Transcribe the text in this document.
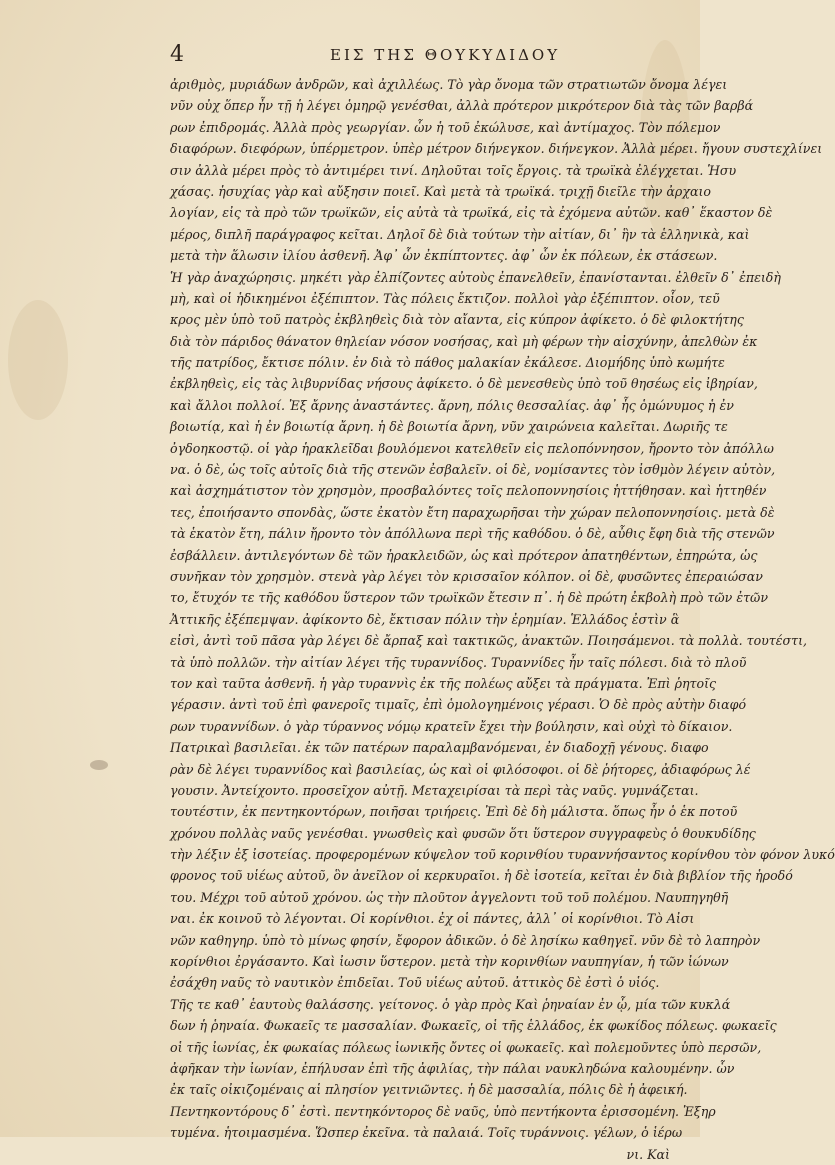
4	ΕΙΣ ΤΗΣ ΘΟΥΚΥΔΙΔΟΥ
ἀριθμὸς, μυριάδων ἀνδρῶν, καὶ ἀχιλλέως. Τὸ γὰρ ὄνομα τῶν στρατιωτῶν ὄνομα λέγει
νῦν οὐχ ὅπερ ἦν τῇ ἡ λέγει ὁμηρῷ γενέσθαι, ἀλλὰ πρότερον μικρότερον διὰ τὰς τῶν βαρβά
ρων ἐπιδρομάς. Ἀλλὰ πρὸς γεωργίαν. ὧν ἡ τοῦ ἐκώλυσε, καὶ ἀντίμαχος. Τὸν πόλεμον
διαφόρων. διεφόρων, ὑπέρμετρον. ὑπὲρ μέτρον διήνεγκον. διήνεγκον. Ἀλλὰ μέρει. ἤγουν συστεχλίνει
σιν ἀλλὰ μέρει πρὸς τὸ ἀντιμέρει τινί. Δηλοῦται τοῖς ἔργοις. τὰ τρωϊκὰ ἐλέγχεται. Ἡσυ
χάσας. ἡσυχίας γὰρ καὶ αὔξησιν ποιεῖ. Καὶ μετὰ τὰ τρωϊκά. τριχῇ διεῖλε τὴν ἀρχαιο
λογίαν, εἰς τὰ πρὸ τῶν τρωϊκῶν, εἰς αὐτὰ τὰ τρωϊκά, εἰς τὰ ἐχόμενα αὐτῶν. καθ᾽ ἕκαστον δὲ
μέρος, διπλῆ παράγραφος κεῖται. Δηλοῖ δὲ διὰ τούτων τὴν αἰτίαν, δι᾽ ἣν τὰ ἑλληνικὰ, καὶ
μετὰ τὴν ἅλωσιν ἰλίου ἀσθενῆ. Ἀφ᾽ ὧν ἐκπίπτοντες. ἀφ᾽ ὧν ἐκ πόλεων, ἐκ στάσεων.
Ἡ γὰρ ἀναχώρησις. μηκέτι γὰρ ἐλπίζοντες αὐτοὺς ἐπανελθεῖν, ἐπανίστανται. ἐλθεῖν δ᾽ ἐπειδὴ
μὴ, καὶ οἱ ἡδικημένοι ἐξέπιπτον. Τὰς πόλεις ἔκτιζον. πολλοὶ γὰρ ἐξέπιπτον. οἷον, τεῦ
κρος μὲν ὑπὸ τοῦ πατρὸς ἐκβληθεὶς διὰ τὸν αἴαντα, εἰς κύπρον ἀφίκετο. ὁ δὲ φιλοκτήτης
διὰ τὸν πάριδος θάνατον θηλείαν νόσον νοσήσας, καὶ μὴ φέρων τὴν αἰσχύνην, ἀπελθὼν ἐκ
τῆς πατρίδος, ἔκτισε πόλιν. ἐν διὰ τὸ πάθος μαλακίαν ἐκάλεσε. Διομήδης ὑπὸ κωμήτε
ἐκβληθεὶς, εἰς τὰς λιβυρνίδας νήσους ἀφίκετο. ὁ δὲ μενεσθεὺς ὑπὸ τοῦ θησέως εἰς ἰβηρίαν,
καὶ ἄλλοι πολλοί. Ἐξ ἄρνης ἀναστάντες. ἄρνη, πόλις θεσσαλίας. ἀφ᾽ ἧς ὁμώνυμος ἡ ἐν
βοιωτίᾳ, καὶ ἡ ἐν βοιωτίᾳ ἄρνη. ἡ δὲ βοιωτία ἄρνη, νῦν χαιρώνεια καλεῖται. Δωριῆς τε
ὀγδοηκοστῷ. οἱ γὰρ ἡρακλεῖδαι βουλόμενοι κατελθεῖν εἰς πελοπόννησον, ἤροντο τὸν ἀπόλλω
να. ὁ δὲ, ὡς τοῖς αὐτοῖς διὰ τῆς στενῶν ἐσβαλεῖν. οἱ δὲ, νομίσαντες τὸν ἰσθμὸν λέγειν αὐτὸν,
καὶ ἀσχημάτιστον τὸν χρησμὸν, προσβαλόντες τοῖς πελοποννησίοις ἡττήθησαν. καὶ ἡττηθέν
τες, ἐποιήσαντο σπονδὰς, ὥστε ἐκατὸν ἔτη παραχωρῆσαι τὴν χώραν πελοποννησίοις. μετὰ δὲ
τὰ ἑκατὸν ἔτη, πάλιν ἤροντο τὸν ἀπόλλωνα περὶ τῆς καθόδου. ὁ δὲ, αὖθις ἔφη διὰ τῆς στενῶν
ἐσβάλλειν. ἀντιλεγόντων δὲ τῶν ἡρακλειδῶν, ὡς καὶ πρότερον ἀπατηθέντων, ἐπηρώτα, ὡς
συνῆκαν τὸν χρησμὸν. στενὰ γὰρ λέγει τὸν κρισσαῖον κόλπον. οἱ δὲ, φυσῶντες ἐπεραιώσαν
το, ἔτυχόν τε τῆς καθόδου ὕστερον τῶν τρωϊκῶν ἔτεσιν π᾽. ἡ δὲ πρώτη ἐκβολὴ πρὸ τῶν ἐτῶν
Ἀττικῆς ἐξέπεμψαν. ἀφίκοντο δὲ, ἔκτισαν πόλιν τὴν ἐρημίαν. Ἑλλάδος ἐστὶν ἃ
εἰσὶ, ἀντὶ τοῦ πᾶσα γὰρ λέγει δὲ ἄρπαξ καὶ τακτικῶς, ἀνακτῶν. Ποιησάμενοι. τὰ πολλὰ. τουτέστι,
τὰ ὑπὸ πολλῶν. τὴν αἰτίαν λέγει τῆς τυραννίδος. Τυραννίδες ἦν ταῖς πόλεσι. διὰ τὸ πλοῦ
τον καὶ ταῦτα ἀσθενῆ. ἡ γὰρ τυραννὶς ἐκ τῆς πολέως αὔξει τὰ πράγματα. Ἐπὶ ῥητοῖς
γέρασιν. ἀντὶ τοῦ ἐπὶ φανεροῖς τιμαῖς, ἐπὶ ὁμολογημένοις γέρασι. Ὁ δὲ πρὸς αὐτὴν διαφό
ρων τυραννίδων. ὁ γὰρ τύραννος νόμῳ κρατεῖν ἔχει τὴν βούλησιν, καὶ οὐχὶ τὸ δίκαιον.
Πατρικαὶ βασιλεῖαι. ἐκ τῶν πατέρων παραλαμβανόμεναι, ἐν διαδοχῇ γένους. διαφο
ρὰν δὲ λέγει τυραννίδος καὶ βασιλείας, ὡς καὶ οἱ φιλόσοφοι. οἱ δὲ ῥήτορες, ἀδιαφόρως λέ
γουσιν. Ἀντείχοντο. προσεῖχον αὐτῇ. Μεταχειρίσαι τὰ περὶ τὰς ναῦς. γυμνάζεται.
τουτέστιν, ἐκ πεντηκοντόρων, ποιῆσαι τριήρεις. Ἐπὶ δὲ δὴ μάλιστα. ὅπως ἦν ὁ ἑκ ποτοῦ
χρόνου πολλὰς ναῦς γενέσθαι. γνωσθεὶς καὶ φυσῶν ὅτι ὕστερον συγγραφεὺς ὁ θουκυδίδης
τὴν λέξιν ἐξ ἰσοτείας. προφερομένων κύψελον τοῦ κορινθίου τυραννήσαντος κορίνθου τὸν φόνον λυκό
φρονος τοῦ υἱέως αὐτοῦ, ὃν ἀνεῖλον οἱ κερκυραῖοι. ἡ δὲ ἰσοτεία, κεῖται ἐν διὰ βιβλίον τῆς ἡροδό
του. Μέχρι τοῦ αὐτοῦ χρόνου. ὡς τὴν πλοῦτον ἀγγελοντι τοῦ τοῦ πολέμου. Ναυπηγηθῆ
ναι. ἐκ κοινοῦ τὸ λέγονται. Οἱ κορίνθιοι. ἐχ οἱ πάντες, ἀλλ᾽ οἱ κορίνθιοι. Τὸ Αἰσι
νῶν καθηγηρ. ὑπὸ τὸ μίνως φησίν, ἔφορον ἀδικῶν. ὁ δὲ λησίκω καθηγεῖ. νῦν δὲ τὸ λαπηρὸν
κορίνθιοι ἐργάσαντο. Καὶ ἰωσιν ὕστερον. μετὰ τὴν κορινθίων ναυπηγίαν, ἡ τῶν ἰώνων
ἐσάχθη ναῦς τὸ ναυτικὸν ἐπιδεῖαι. Τοῦ υἱέως αὐτοῦ. ἀττικὸς δὲ ἐστὶ ὁ υἱός.
Τῆς τε καθ᾽ ἑαυτοὺς θαλάσσης. γείτονος. ὁ γὰρ πρὸς Καὶ ῥηναίαν ἐν ᾧ, μία τῶν κυκλά
δων ἡ ῥηναία. Φωκαεῖς τε μασσαλίαν. Φωκαεῖς, οἱ τῆς ἑλλάδος, ἐκ φωκίδος πόλεως. φωκαεῖς
οἱ τῆς ἰωνίας, ἐκ φωκαίας πόλεως ἰωνικῆς ὄντες οἱ φωκαεῖς. καὶ πολεμοῦντες ὑπὸ περσῶν,
ἀφῆκαν τὴν ἰωνίαν, ἐπήλυσαν ἐπὶ τῆς ἀφιλίας, τὴν πάλαι ναυκληδώνα καλουμένην. ὧν
ἐκ ταῖς οἰκιζομέναις αἱ πλησίον γειτνιῶντες. ἡ δὲ μασσαλία, πόλις δὲ ἡ ἀφεική.
Πεντηκοντόρους δ᾽ ἐστὶ. πεντηκόντορος δὲ ναῦς, ὑπὸ πεντήκοντα ἐρισσομένη. Ἐξηρ
τυμένα. ἡτοιμασμένα. Ὥσπερ ἐκεῖνα. τὰ παλαιά. Τοῖς τυράννοις. γέλων, ὁ ἱέρω
νι. Καὶ
